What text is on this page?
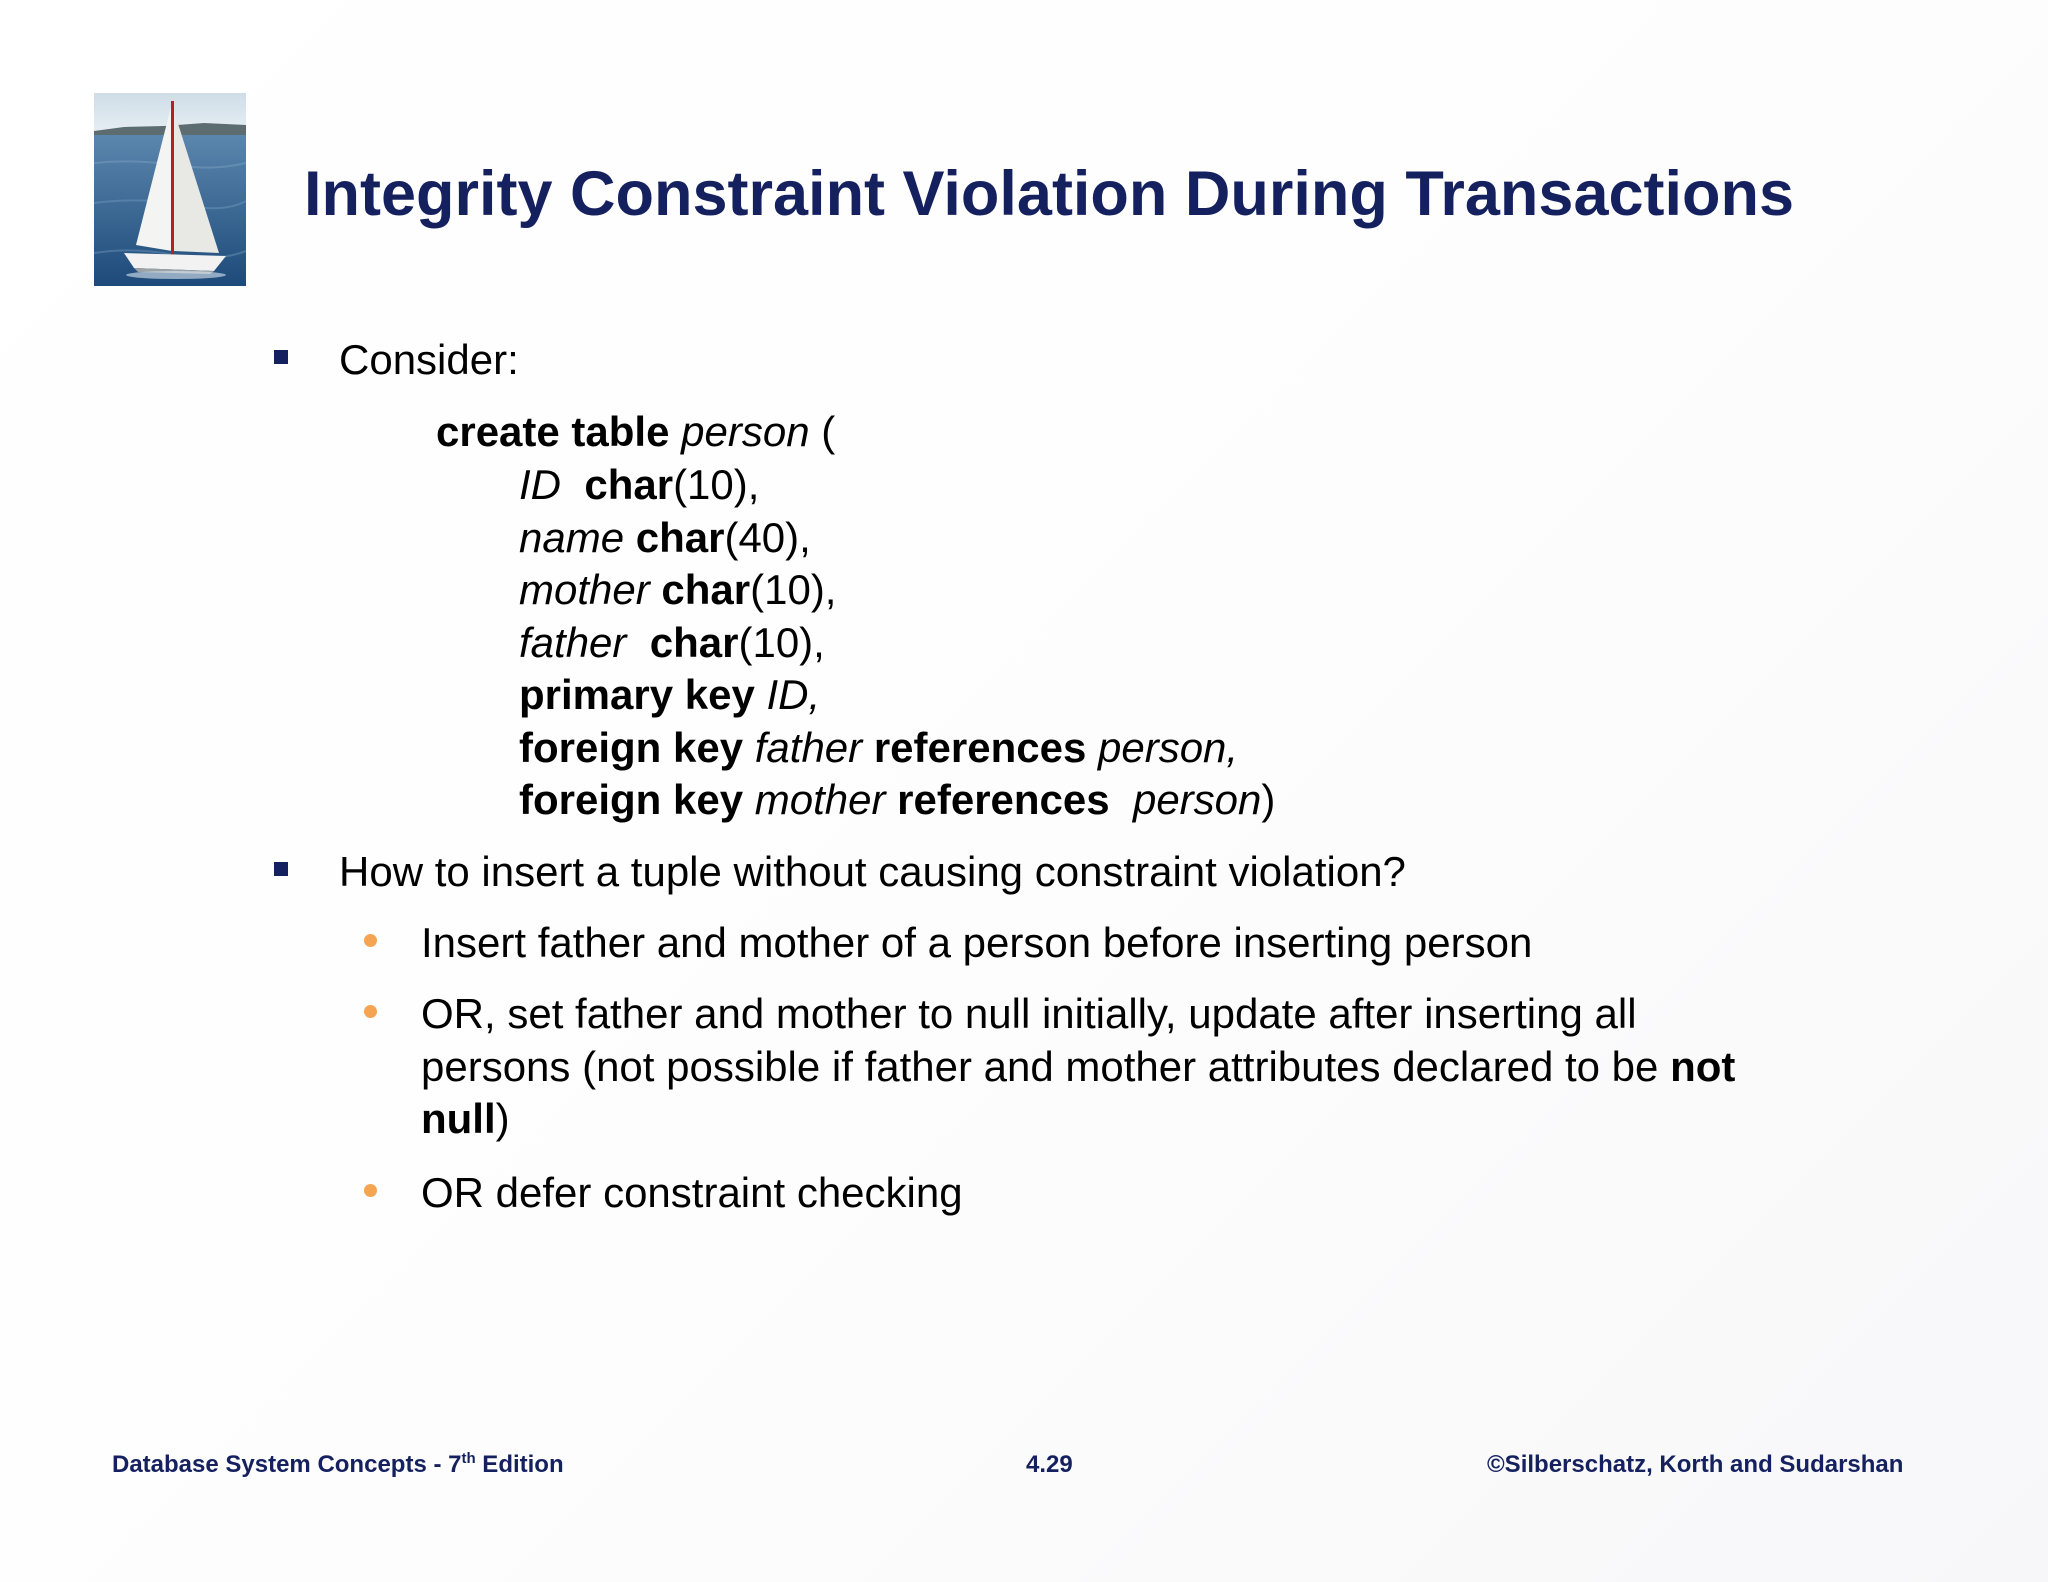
Integrity Constraint Violation During Transactions
Consider:
create table person (
ID char(10),
name char(40),
mother char(10),
father char(10),
primary key ID,
foreign key father references person,
foreign key mother references person)
How to insert a tuple without causing constraint violation?
Insert father and mother of a person before inserting person
OR, set father and mother to null initially, update after inserting all
persons (not possible if father and mother attributes declared to be not
null)
OR defer constraint checking
Database System Concepts - 7th Edition	4.29	©Silberschatz, Korth and Sudarshan
